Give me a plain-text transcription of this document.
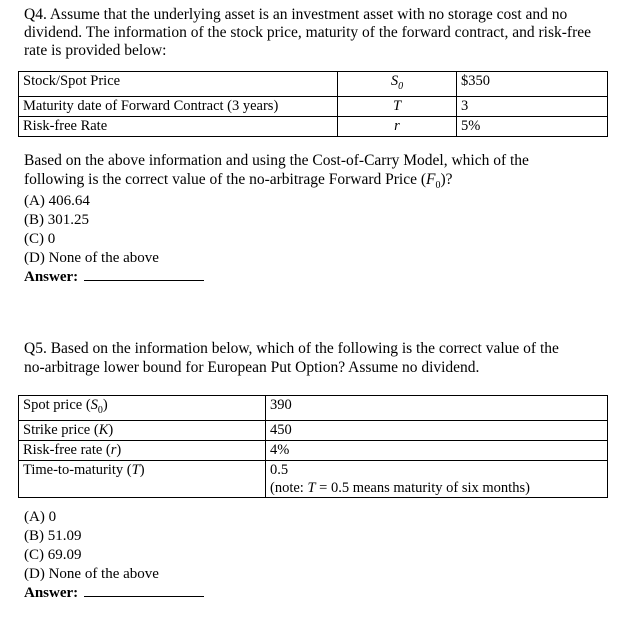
Q4. Assume that the underlying asset is an investment asset with no storage cost and no dividend. The information of the stock price, maturity of the forward contract, and risk-free rate is provided below:
Stock/Spot Price	$S_0$	$350
Maturity date of Forward Contract (3 years)	T	3
Risk-free Rate	r	5%
Based on the above information and using the Cost-of-Carry Model, which of the
following is the correct value of the no-arbitrage Forward Price $(F_0)$?
(A) 406.64
(B) 301.25
(C) 0
(D) None of the above
Answer:
Q5. Based on the information below, which of the following is the correct value of the
no-arbitrage lower bound for European Put Option? Assume no dividend.
Spot price $(S_0)$	390
Strike price (K)	450
Risk-free rate (r)	4%
Time-to-maturity (T)	0.5
(note: T = 0.5 means maturity of six months)
(A) 0
(B) 51.09
(C) 69.09
(D) None of the above
Answer:
